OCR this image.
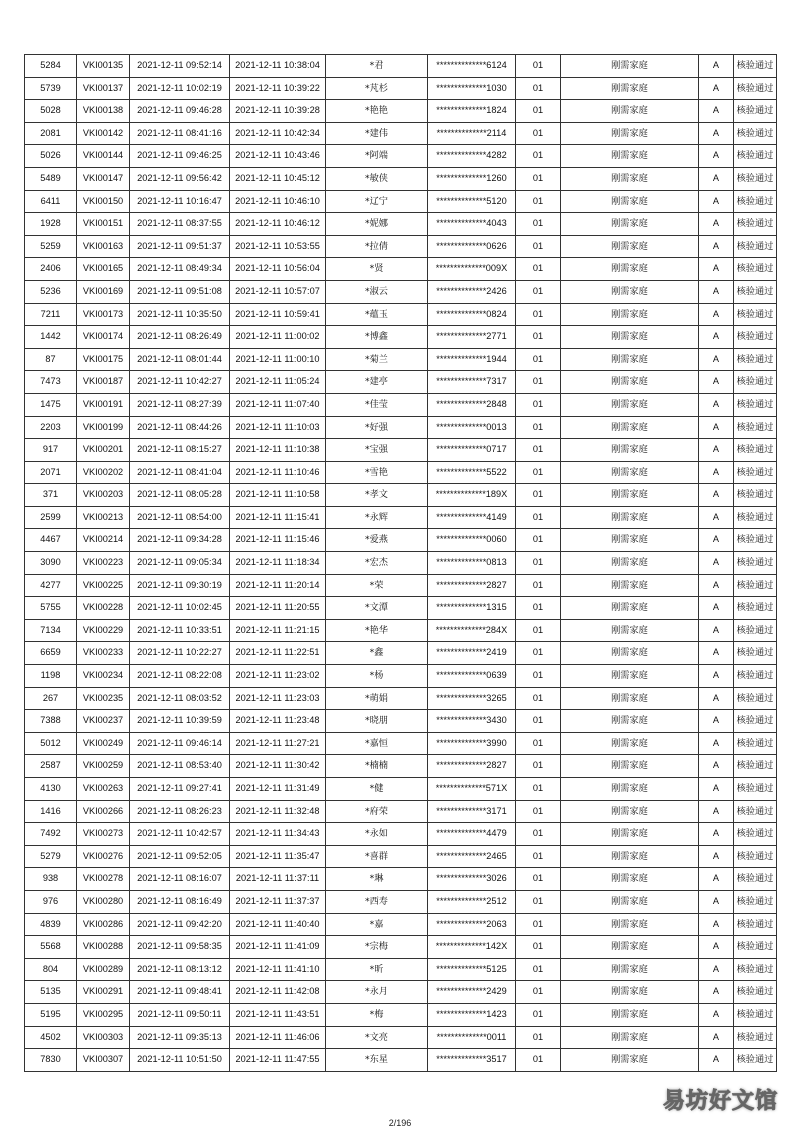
5284	VKI00135	2021-12-11 09:52:14	2021-12-11 10:38:04	*君	**************6124	01	刚需家庭	A	核验通过
5739	VKI00137	2021-12-11 10:02:19	2021-12-11 10:39:22	*芃杉	**************1030	01	刚需家庭	A	核验通过
5028	VKI00138	2021-12-11 09:46:28	2021-12-11 10:39:28	*艳艳	**************1824	01	刚需家庭	A	核验通过
2081	VKI00142	2021-12-11 08:41:16	2021-12-11 10:42:34	*建伟	**************2114	01	刚需家庭	A	核验通过
5026	VKI00144	2021-12-11 09:46:25	2021-12-11 10:43:46	*阿端	**************4282	01	刚需家庭	A	核验通过
5489	VKI00147	2021-12-11 09:56:42	2021-12-11 10:45:12	*敏侠	**************1260	01	刚需家庭	A	核验通过
6411	VKI00150	2021-12-11 10:16:47	2021-12-11 10:46:10	*辽宁	**************5120	01	刚需家庭	A	核验通过
1928	VKI00151	2021-12-11 08:37:55	2021-12-11 10:46:12	*妮娜	**************4043	01	刚需家庭	A	核验通过
5259	VKI00163	2021-12-11 09:51:37	2021-12-11 10:53:55	*拉倩	**************0626	01	刚需家庭	A	核验通过
2406	VKI00165	2021-12-11 08:49:34	2021-12-11 10:56:04	*贤	**************009X	01	刚需家庭	A	核验通过
5236	VKI00169	2021-12-11 09:51:08	2021-12-11 10:57:07	*淑云	**************2426	01	刚需家庭	A	核验通过
7211	VKI00173	2021-12-11 10:35:50	2021-12-11 10:59:41	*蕴玉	**************0824	01	刚需家庭	A	核验通过
1442	VKI00174	2021-12-11 08:26:49	2021-12-11 11:00:02	*博鑫	**************2771	01	刚需家庭	A	核验通过
87	VKI00175	2021-12-11 08:01:44	2021-12-11 11:00:10	*菊兰	**************1944	01	刚需家庭	A	核验通过
7473	VKI00187	2021-12-11 10:42:27	2021-12-11 11:05:24	*建亭	**************7317	01	刚需家庭	A	核验通过
1475	VKI00191	2021-12-11 08:27:39	2021-12-11 11:07:40	*佳莹	**************2848	01	刚需家庭	A	核验通过
2203	VKI00199	2021-12-11 08:44:26	2021-12-11 11:10:03	*好强	**************0013	01	刚需家庭	A	核验通过
917	VKI00201	2021-12-11 08:15:27	2021-12-11 11:10:38	*宝强	**************0717	01	刚需家庭	A	核验通过
2071	VKI00202	2021-12-11 08:41:04	2021-12-11 11:10:46	*雪艳	**************5522	01	刚需家庭	A	核验通过
371	VKI00203	2021-12-11 08:05:28	2021-12-11 11:10:58	*孝文	**************189X	01	刚需家庭	A	核验通过
2599	VKI00213	2021-12-11 08:54:00	2021-12-11 11:15:41	*永辉	**************4149	01	刚需家庭	A	核验通过
4467	VKI00214	2021-12-11 09:34:28	2021-12-11 11:15:46	*爱燕	**************0060	01	刚需家庭	A	核验通过
3090	VKI00223	2021-12-11 09:05:34	2021-12-11 11:18:34	*宏杰	**************0813	01	刚需家庭	A	核验通过
4277	VKI00225	2021-12-11 09:30:19	2021-12-11 11:20:14	*荣	**************2827	01	刚需家庭	A	核验通过
5755	VKI00228	2021-12-11 10:02:45	2021-12-11 11:20:55	*文潭	**************1315	01	刚需家庭	A	核验通过
7134	VKI00229	2021-12-11 10:33:51	2021-12-11 11:21:15	*艳华	**************284X	01	刚需家庭	A	核验通过
6659	VKI00233	2021-12-11 10:22:27	2021-12-11 11:22:51	*鑫	**************2419	01	刚需家庭	A	核验通过
1198	VKI00234	2021-12-11 08:22:08	2021-12-11 11:23:02	*杨	**************0639	01	刚需家庭	A	核验通过
267	VKI00235	2021-12-11 08:03:52	2021-12-11 11:23:03	*萌娟	**************3265	01	刚需家庭	A	核验通过
7388	VKI00237	2021-12-11 10:39:59	2021-12-11 11:23:48	*晓朋	**************3430	01	刚需家庭	A	核验通过
5012	VKI00249	2021-12-11 09:46:14	2021-12-11 11:27:21	*嘉恒	**************3990	01	刚需家庭	A	核验通过
2587	VKI00259	2021-12-11 08:53:40	2021-12-11 11:30:42	*楠楠	**************2827	01	刚需家庭	A	核验通过
4130	VKI00263	2021-12-11 09:27:41	2021-12-11 11:31:49	*健	**************571X	01	刚需家庭	A	核验通过
1416	VKI00266	2021-12-11 08:26:23	2021-12-11 11:32:48	*府荣	**************3171	01	刚需家庭	A	核验通过
7492	VKI00273	2021-12-11 10:42:57	2021-12-11 11:34:43	*永如	**************4479	01	刚需家庭	A	核验通过
5279	VKI00276	2021-12-11 09:52:05	2021-12-11 11:35:47	*喜群	**************2465	01	刚需家庭	A	核验通过
938	VKI00278	2021-12-11 08:16:07	2021-12-11 11:37:11	*琳	**************3026	01	刚需家庭	A	核验通过
976	VKI00280	2021-12-11 08:16:49	2021-12-11 11:37:37	*西寿	**************2512	01	刚需家庭	A	核验通过
4839	VKI00286	2021-12-11 09:42:20	2021-12-11 11:40:40	*嘉	**************2063	01	刚需家庭	A	核验通过
5568	VKI00288	2021-12-11 09:58:35	2021-12-11 11:41:09	*宗梅	**************142X	01	刚需家庭	A	核验通过
804	VKI00289	2021-12-11 08:13:12	2021-12-11 11:41:10	*昕	**************5125	01	刚需家庭	A	核验通过
5135	VKI00291	2021-12-11 09:48:41	2021-12-11 11:42:08	*永月	**************2429	01	刚需家庭	A	核验通过
5195	VKI00295	2021-12-11 09:50:11	2021-12-11 11:43:51	*梅	**************1423	01	刚需家庭	A	核验通过
4502	VKI00303	2021-12-11 09:35:13	2021-12-11 11:46:06	*文亮	**************0011	01	刚需家庭	A	核验通过
7830	VKI00307	2021-12-11 10:51:50	2021-12-11 11:47:55	*东星	**************3517	01	刚需家庭	A	核验通过
2/196
易坊好文馆
